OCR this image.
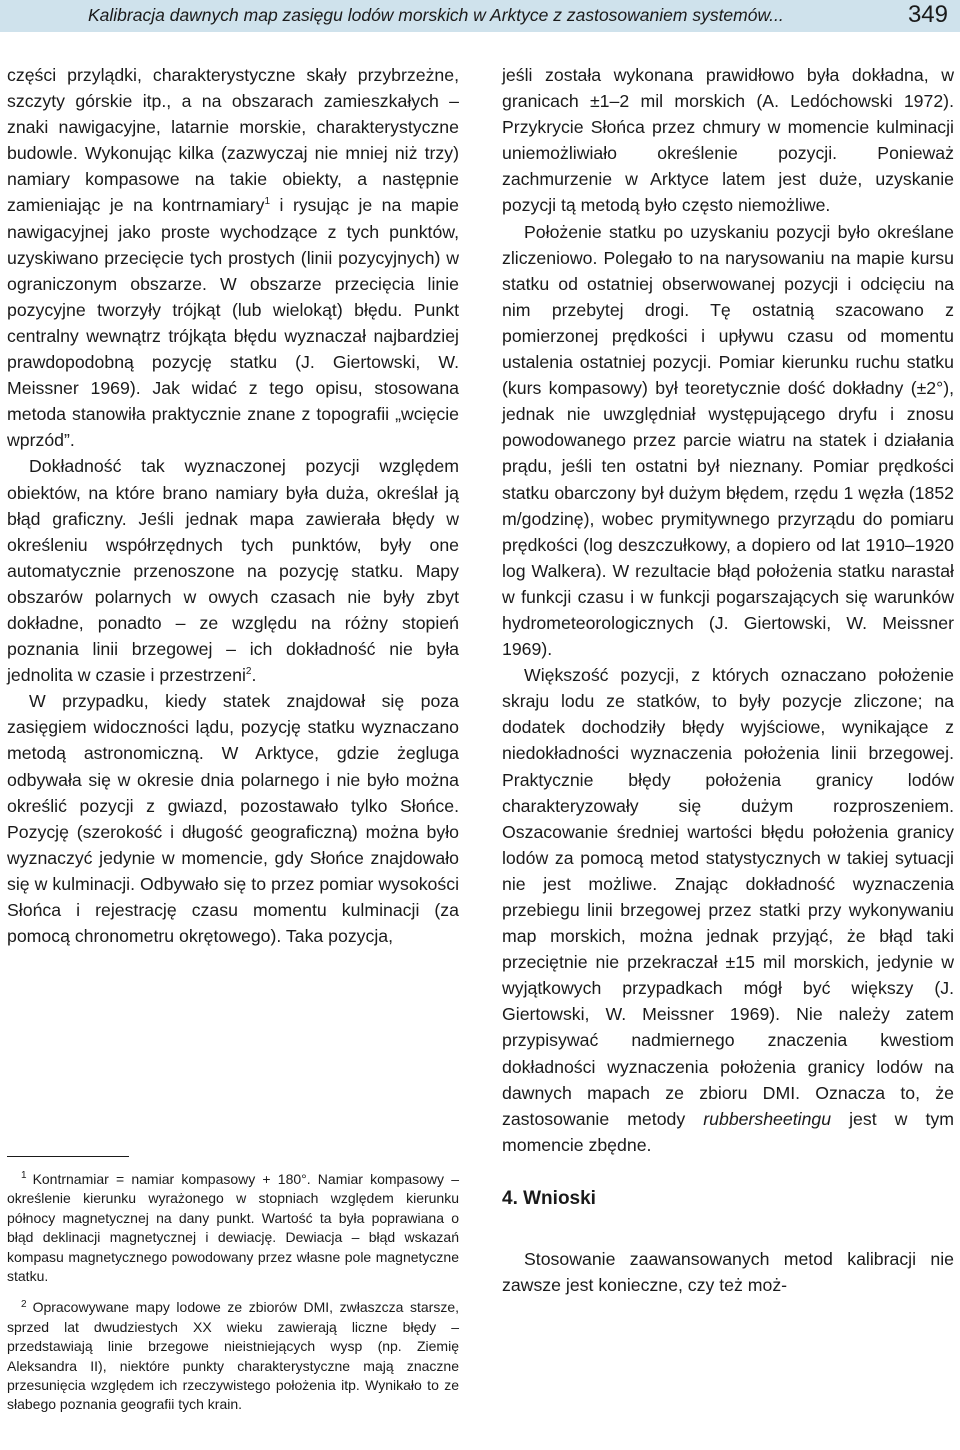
Kalibracja dawnych map zasięgu lodów morskich w Arktyce z zastosowaniem systemów...	349

części przylądki, charakterystyczne skały przybrzeżne, szczyty górskie itp., a na obszarach zamieszkałych – znaki nawigacyjne, latarnie morskie, charakterystyczne budowle. Wykonując kilka (zazwyczaj nie mniej niż trzy) namiary kompasowe na takie obiekty, a następnie zamieniając je na kontrnamiary$^1$ i rysując je na mapie nawigacyjnej jako proste wychodzące z tych punktów, uzyskiwano przecięcie tych prostych (linii pozycyjnych) w ograniczonym obszarze. W obszarze przecięcia linie pozycyjne tworzyły trójkąt (lub wielokąt) błędu. Punkt centralny wewnątrz trójkąta błędu wyznaczał najbardziej prawdopodobną pozycję statku (J. Giertowski, W. Meissner 1969). Jak widać z tego opisu, stosowana metoda stanowiła praktycznie znane z topografii „wcięcie wprzód”.

Dokładność tak wyznaczonej pozycji względem obiektów, na które brano namiary była duża, określał ją błąd graficzny. Jeśli jednak mapa zawierała błędy w określeniu współrzędnych tych punktów, były one automatycznie przenoszone na pozycję statku. Mapy obszarów polarnych w owych czasach nie były zbyt dokładne, ponadto – ze względu na różny stopień poznania linii brzegowej – ich dokładność nie była jednolita w czasie i przestrzeni$^2$.

W przypadku, kiedy statek znajdował się poza zasięgiem widoczności lądu, pozycję statku wyznaczano metodą astronomiczną. W Arktyce, gdzie żegluga odbywała się w okresie dnia polarnego i nie było można określić pozycji z gwiazd, pozostawało tylko Słońce. Pozycję (szerokość i długość geograficzną) można było wyznaczyć jedynie w momencie, gdy Słońce znajdowało się w kulminacji. Odbywało się to przez pomiar wysokości Słońca i rejestrację czasu momentu kulminacji (za pomocą chronometru okrętowego). Taka pozycja,

$^1$ Kontrnamiar = namiar kompasowy + 180°. Namiar kompasowy – określenie kierunku wyrażonego w stopniach względem kierunku północy magnetycznej na dany punkt. Wartość ta była poprawiana o błąd deklinacji magnetycznej i dewiację. Dewiacja – błąd wskazań kompasu magnetycznego powodowany przez własne pole magnetyczne statku.

$^2$ Opracowywane mapy lodowe ze zbiorów DMI, zwłaszcza starsze, sprzed lat dwudziestych XX wieku zawierają liczne błędy – przedstawiają linie brzegowe nieistniejących wysp (np. Ziemię Aleksandra II), niektóre punkty charakterystyczne mają znaczne przesunięcia względem ich rzeczywistego położenia itp. Wynikało to ze słabego poznania geografii tych krain.

jeśli została wykonana prawidłowo była dokładna, w granicach ±1–2 mil morskich (A. Ledóchowski 1972). Przykrycie Słońca przez chmury w momencie kulminacji uniemożliwiało określenie pozycji. Ponieważ zachmurzenie w Arktyce latem jest duże, uzyskanie pozycji tą metodą było często niemożliwe.

Położenie statku po uzyskaniu pozycji było określane zliczeniowo. Polegało to na narysowaniu na mapie kursu statku od ostatniej obserwowanej pozycji i odcięciu na nim przebytej drogi. Tę ostatnią szacowano z pomierzonej prędkości i upływu czasu od momentu ustalenia ostatniej pozycji. Pomiar kierunku ruchu statku (kurs kompasowy) był teoretycznie dość dokładny (±2°), jednak nie uwzględniał występującego dryfu i znosu powodowanego przez parcie wiatru na statek i działania prądu, jeśli ten ostatni był nieznany. Pomiar prędkości statku obarczony był dużym błędem, rzędu 1 węzła (1852 m/godzinę), wobec prymitywnego przyrządu do pomiaru prędkości (log deszczułkowy, a dopiero od lat 1910–1920 log Walkera). W rezultacie błąd położenia statku narastał w funkcji czasu i w funkcji pogarszających się warunków hydrometeorologicznych (J. Giertowski, W. Meissner 1969).

Większość pozycji, z których oznaczano położenie skraju lodu ze statków, to były pozycje zliczone; na dodatek dochodziły błędy wyjściowe, wynikające z niedokładności wyznaczenia położenia linii brzegowej. Praktycznie błędy położenia granicy lodów charakteryzowały się dużym rozproszeniem. Oszacowanie średniej wartości błędu położenia granicy lodów za pomocą metod statystycznych w takiej sytuacji nie jest możliwe. Znając dokładność wyznaczenia przebiegu linii brzegowej przez statki przy wykonywaniu map morskich, można jednak przyjąć, że błąd taki przeciętnie nie przekraczał ±15 mil morskich, jedynie w wyjątkowych przypadkach mógł być większy (J. Giertowski, W. Meissner 1969). Nie należy zatem przypisywać nadmiernego znaczenia kwestiom dokładności wyznaczenia położenia granicy lodów na dawnych mapach ze zbioru DMI. Oznacza to, że zastosowanie metody rubbersheetingu jest w tym momencie zbędne.

4. Wnioski

Stosowanie zaawansowanych metod kalibracji nie zawsze jest konieczne, czy też moż-
